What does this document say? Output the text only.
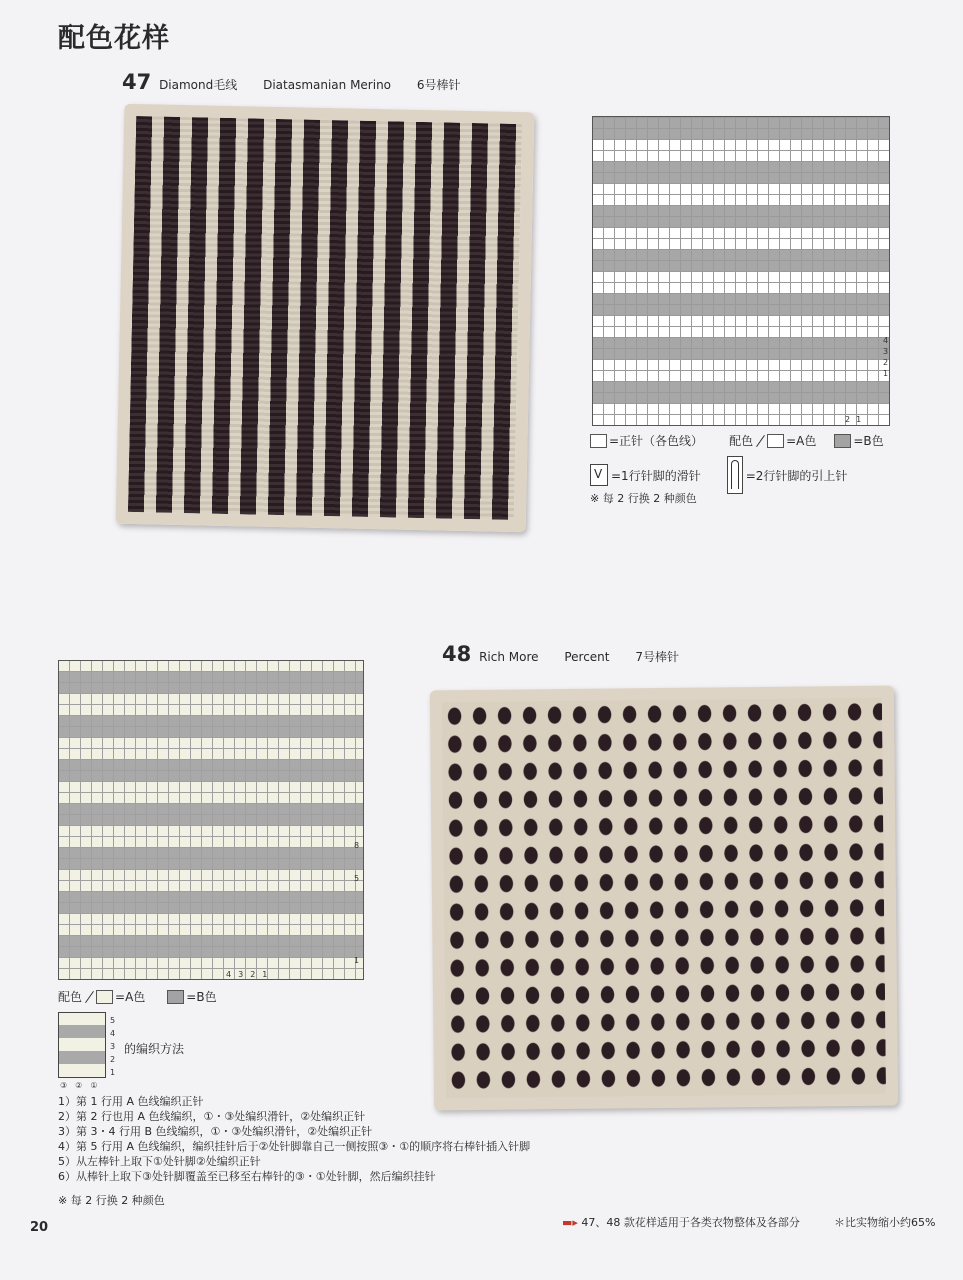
配色花样
47 Diamond毛线 Diatasmanian Merino 6号棒针
4
3
2
1
2 1
=正针（各色线） 配色	=A色	=B色
V
=1行针脚的滑针	=2行针脚的引上针
※ 每 2 行换 2 种颜色
48 Rich More Percent 7号棒针
8
5
1
4 3 2 1
配色	=A色	=B色
5
4
3
2
1
③ ② ①
的编织方法
1）第 1 行用 A 色线编织正针
2）第 2 行也用 A 色线编织，①・③处编织滑针，②处编织正针
3）第 3・4 行用 B 色线编织，①・③处编织滑针，②处编织正针
4）第 5 行用 A 色线编织，编织挂针后于②处针脚靠自己一侧按照③・①的顺序将右棒针插入针脚
5）从左棒针上取下①处针脚②处编织正针
6）从棒针上取下③处针脚覆盖至已移至右棒针的③・①处针脚，然后编织挂针
※ 每 2 行换 2 种颜色
20	▬▸ 47、48 款花样适用于各类衣物整体及各部分	＊比实物缩小约65%
